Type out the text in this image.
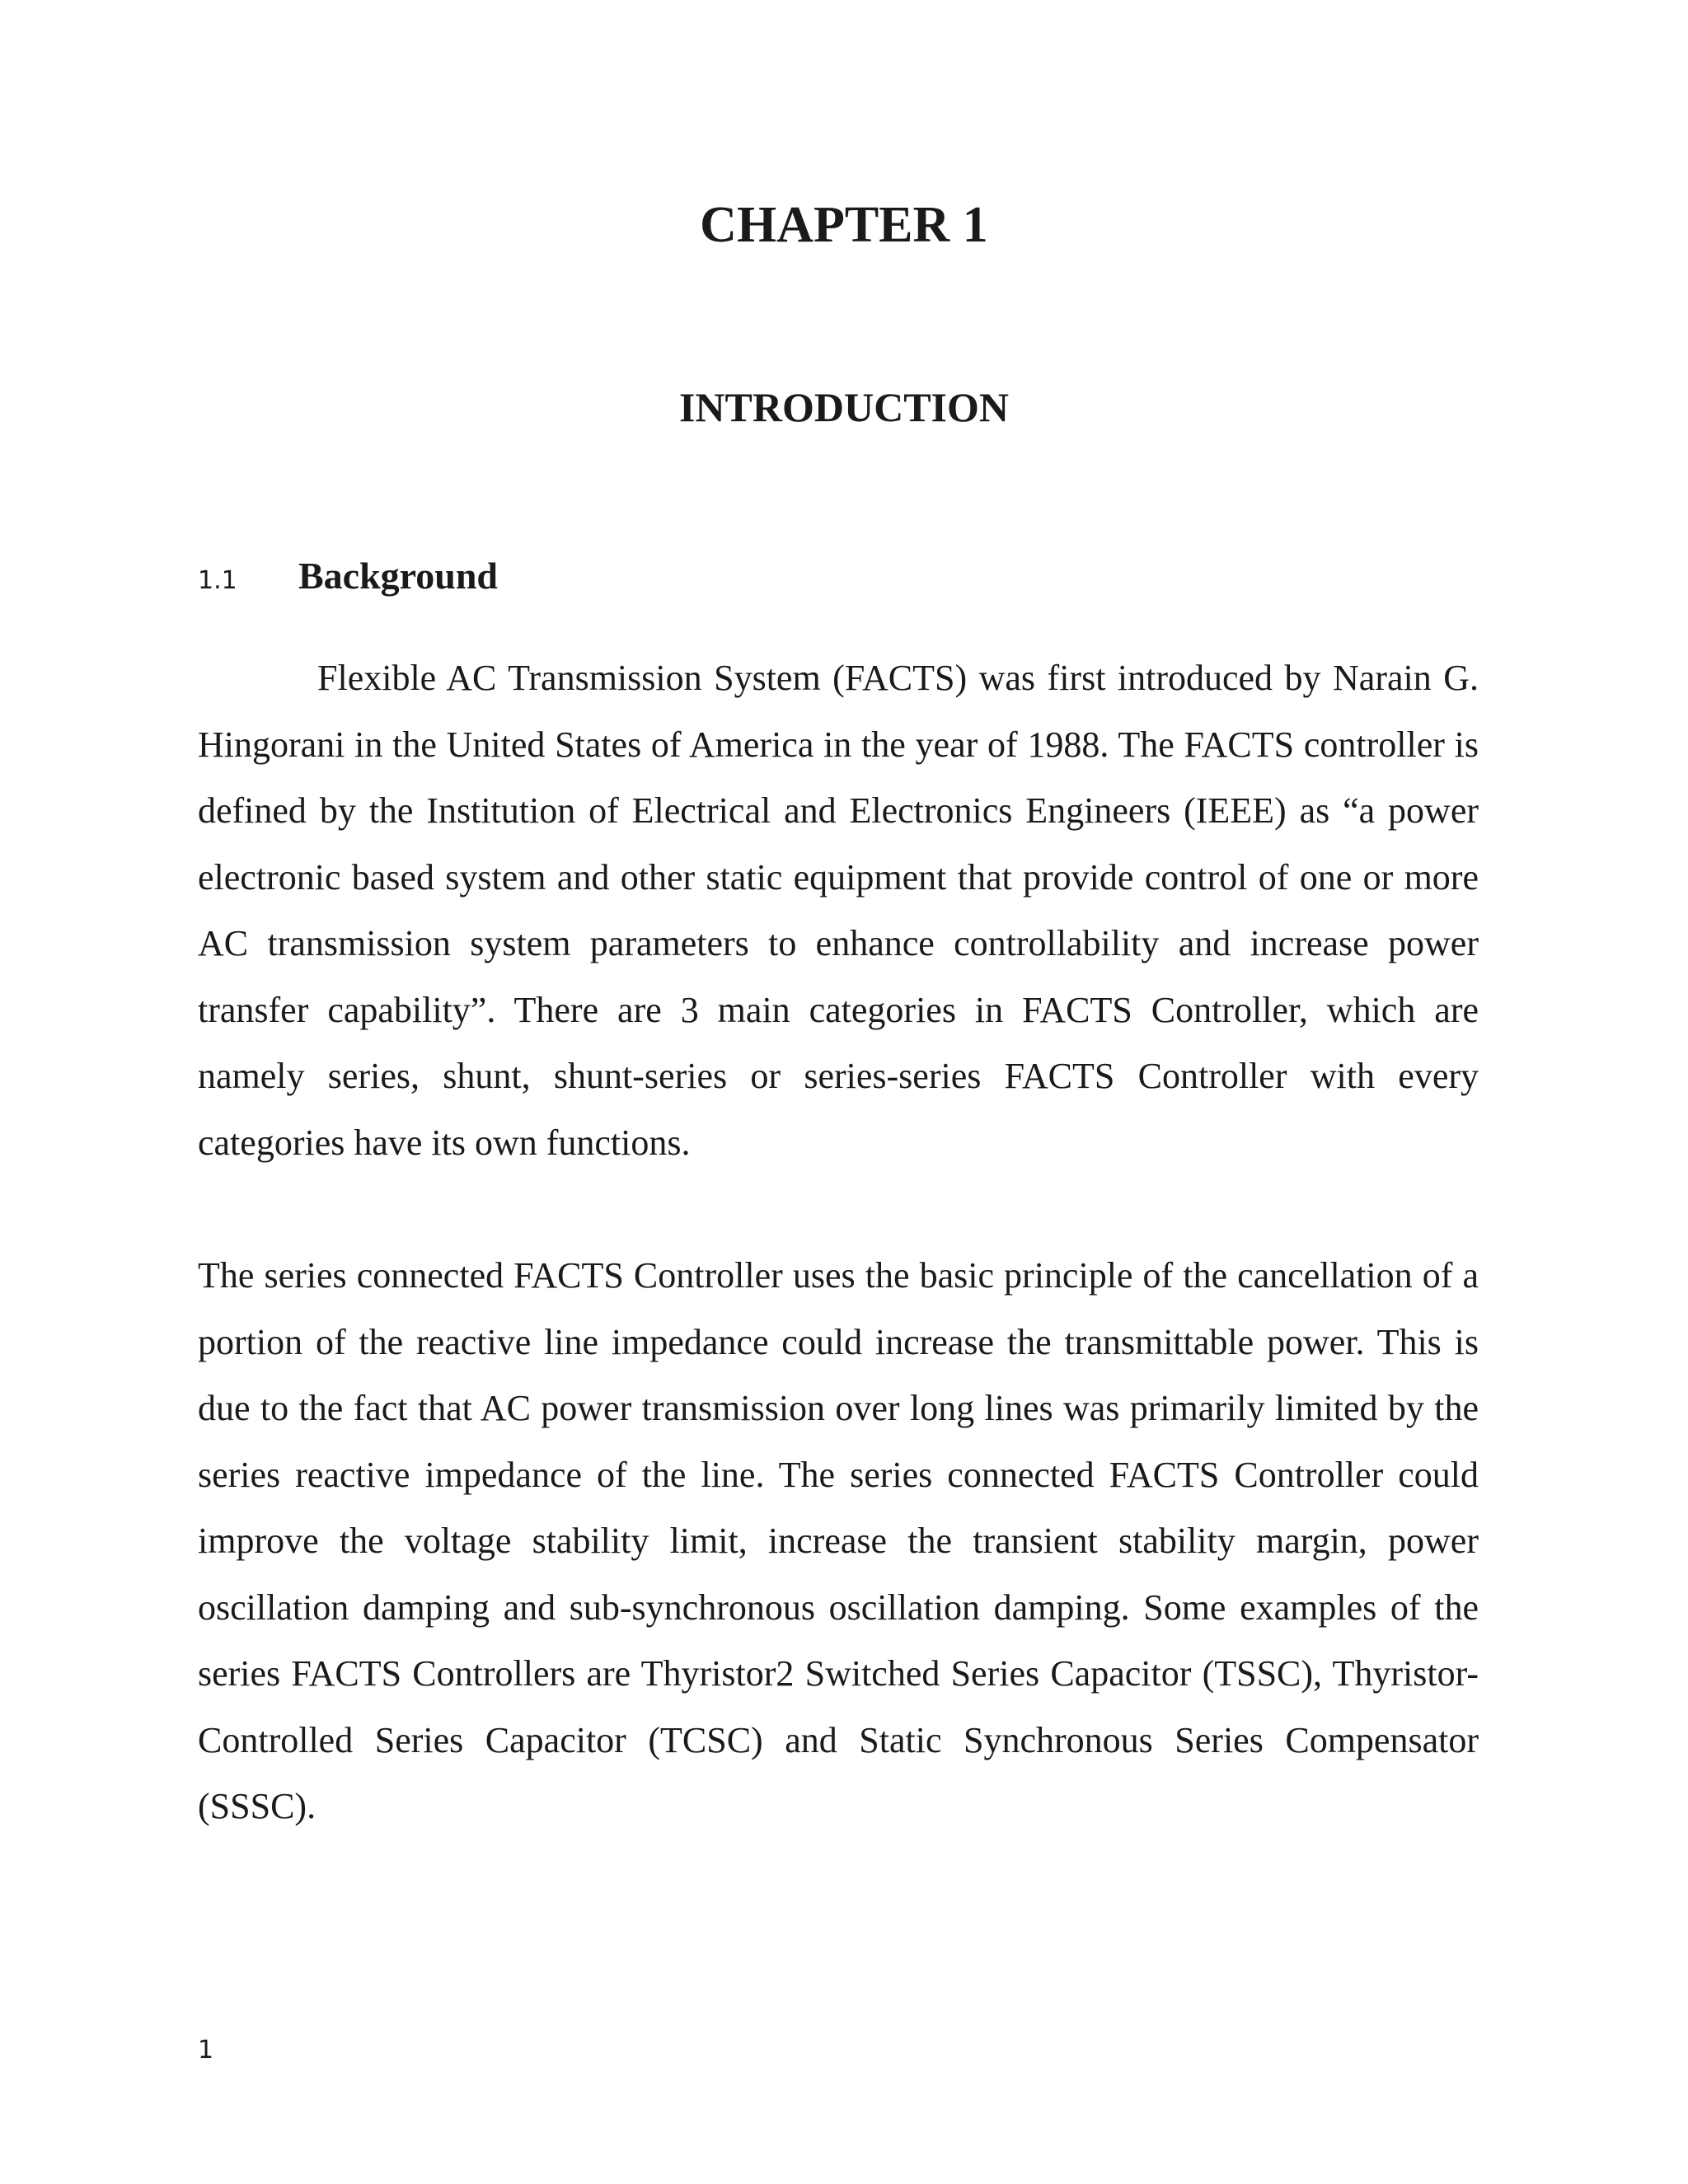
CHAPTER 1
INTRODUCTION
1.1 Background

Flexible AC Transmission System (FACTS) was first introduced by Narain G. Hingorani in the United States of America in the year of 1988. The FACTS controller is defined by the Institution of Electrical and Electronics Engineers (IEEE) as “a power electronic based system and other static equipment that provide control of one or more AC transmission system parameters to enhance controllability and increase power transfer capability”. There are 3 main categories in FACTS Controller, which are namely series, shunt, shunt-series or series-series FACTS Controller with every categories have its own functions.

The series connected FACTS Controller uses the basic principle of the cancellation of a portion of the reactive line impedance could increase the transmittable power. This is due to the fact that AC power transmission over long lines was primarily limited by the series reactive impedance of the line. The series connected FACTS Controller could improve the voltage stability limit, increase the transient stability margin, power oscillation damping and sub-synchronous oscillation damping. Some examples of the series FACTS Controllers are Thyristor2 Switched Series Capacitor (TSSC), Thyristor-Controlled Series Capacitor (TCSC) and Static Synchronous Series Compensator (SSSC).

1
